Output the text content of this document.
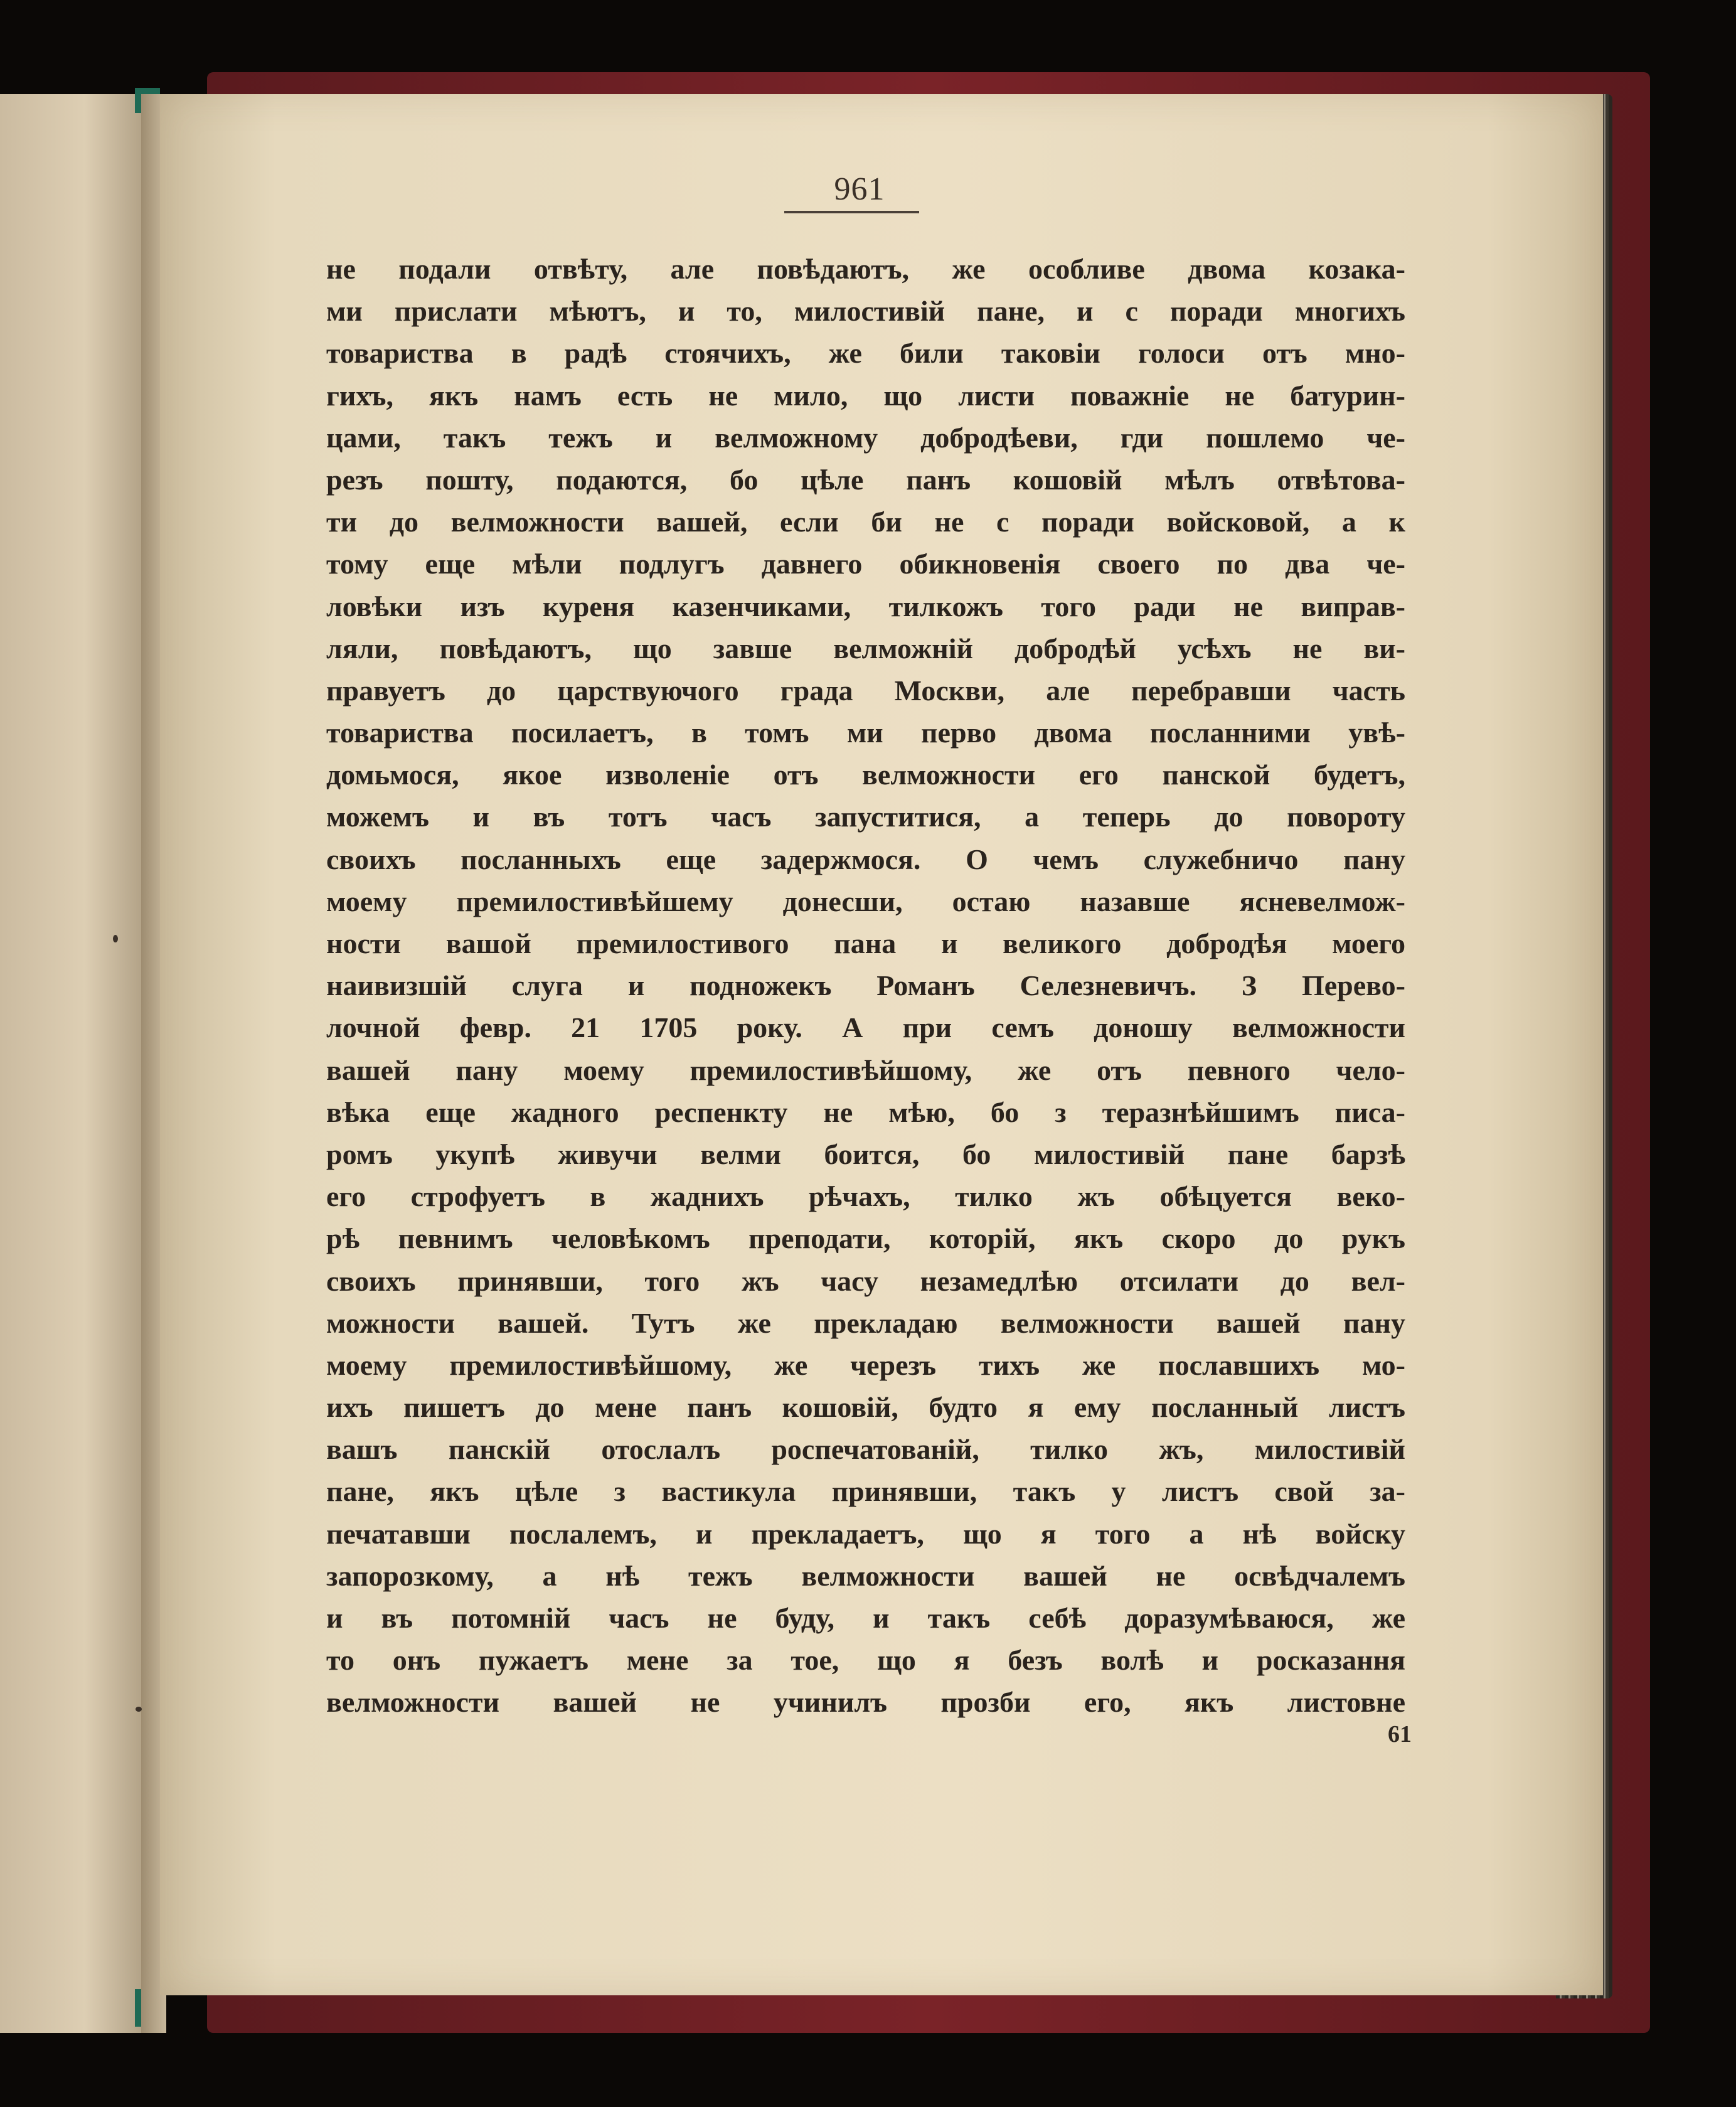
961
не подали отвѣту, але повѣдаютъ, же особливе двома козака-
ми прислати мѣютъ, и то, милостивій пане, и с поради многихъ
товариства в радѣ стоячихъ, же били таковіи голоси отъ мно-
гихъ, якъ намъ есть не мило, що листи поважніе не батурин-
цами, такъ тежъ и велможному добродѣеви, гди пошлемо че-
резъ пошту, подаются, бо цѣле панъ кошовій мѣлъ отвѣтова-
ти до велможности вашей, если би не с поради войсковой, а к
тому еще мѣли подлугъ давнего обикновенія своего по два че-
ловѣки изъ куреня казенчиками, тилкожъ того ради не виправ-
ляли, повѣдаютъ, що завше велможній добродѣй усѣхъ не ви-
правуетъ до царствуючого града Москви, але перебравши часть
товариства посилаетъ, в томъ ми перво двома посланними увѣ-
домьмося, якое изволеніе отъ велможности его панской будетъ,
можемъ и въ тотъ часъ запуститися, а теперь до повороту
своихъ посланныхъ еще задержмося. О чемъ служебничо пану
моему премилостивѣйшему донесши, остаю назавше ясневелмож-
ности вашой премилостивого пана и великого добродѣя моего
наивизшій слуга и подножекъ Романъ Селезневичъ. З Перево-
лочной февр. 21 1705 року. А при семъ доношу велможности
вашей пану моему премилостивѣйшому, же отъ певного чело-
вѣка еще жадного респенкту не мѣю, бо з теразнѣйшимъ писа-
ромъ укупѣ живучи велми боится, бо милостивій пане барзѣ
его строфуетъ в жаднихъ рѣчахъ, тилко жъ обѣцуется веко-
рѣ певнимъ человѣкомъ преподати, которій, якъ скоро до рукъ
своихъ принявши, того жъ часу незамедлѣю отсилати до вел-
можности вашей. Тутъ же прекладаю велможности вашей пану
моему премилостивѣйшому, же черезъ тихъ же пославшихъ мо-
ихъ пишетъ до мене панъ кошовій, будто я ему посланный листъ
вашъ панскій отослалъ роспечатованій, тилко жъ, милостивій
пане, якъ цѣле з вастикула принявши, такъ у листъ свой за-
печатавши послалемъ, и прекладаетъ, що я того а нѣ войску
запорозкому, а нѣ тежъ велможности вашей не освѣдчалемъ
и въ потомній часъ не буду, и такъ себѣ доразумѣваюся, же
то онъ пужаетъ мене за тое, що я безъ волѣ и росказання
велможности вашей не учинилъ прозби его, якъ листовне
61
